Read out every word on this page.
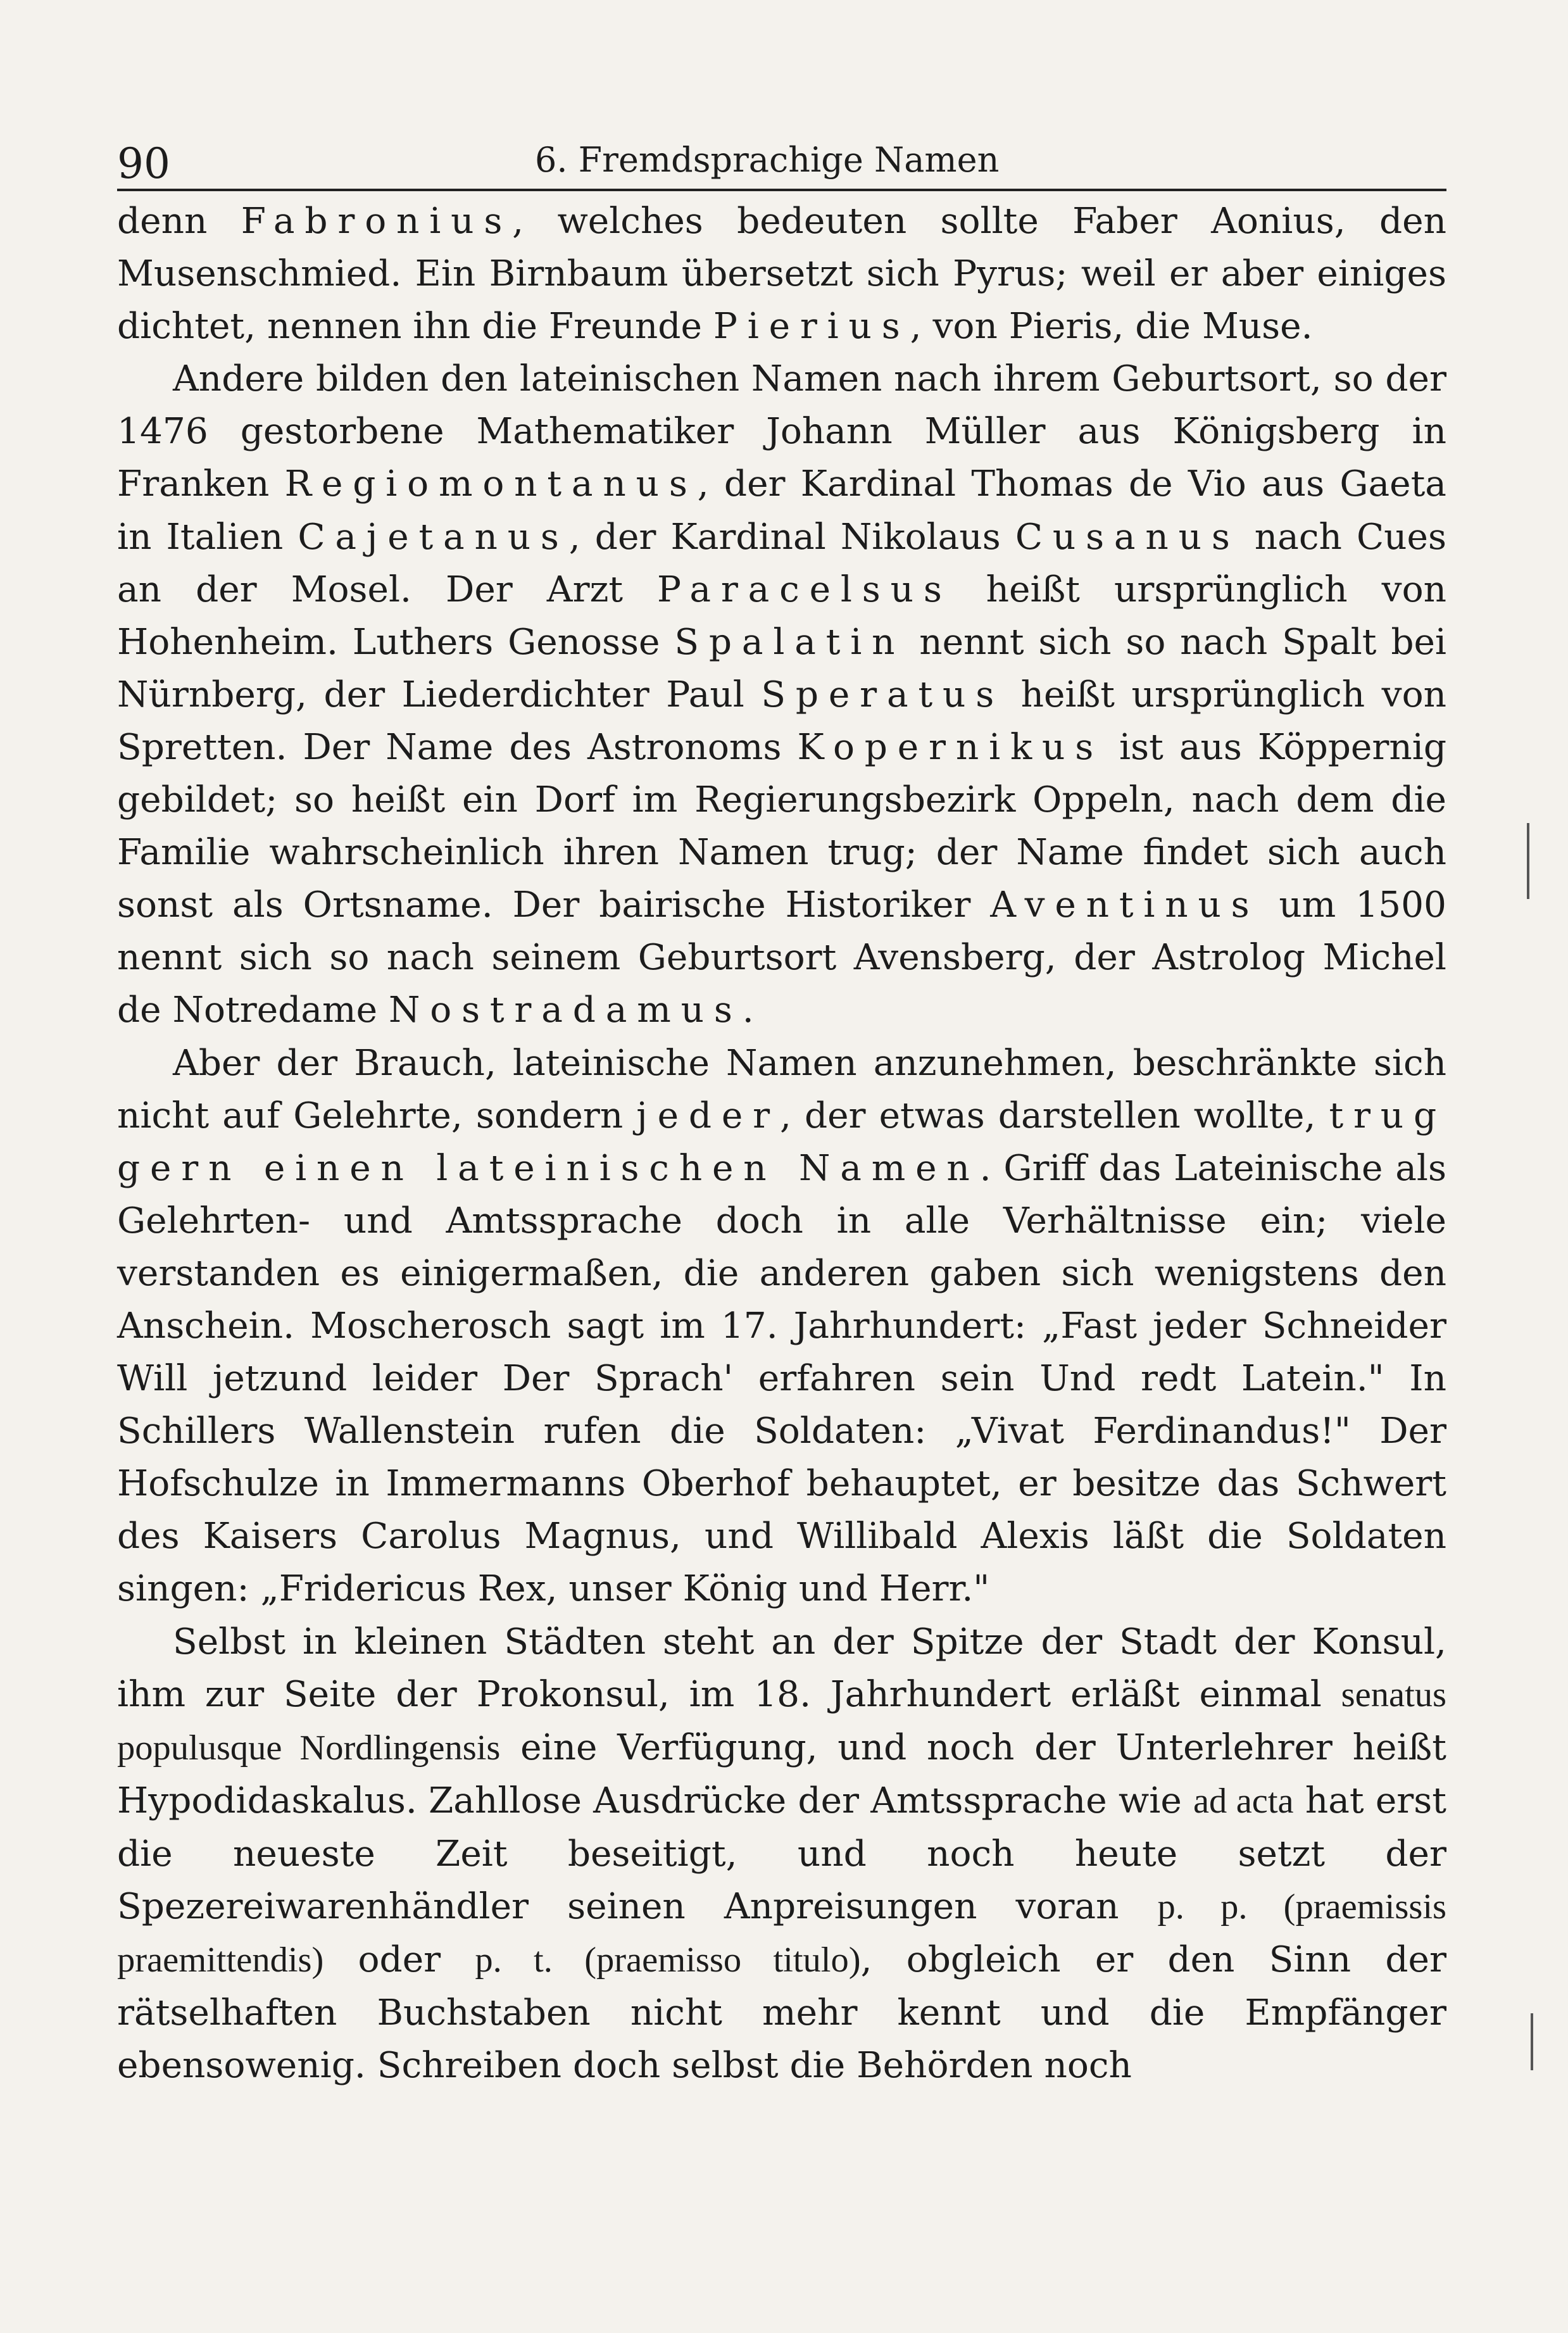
90	6. Fremdsprachige Namen

denn Fabronius, welches bedeuten sollte Faber Aonius, den Musenschmied. Ein Birnbaum übersetzt sich Pyrus; weil er aber einiges dichtet, nennen ihn die Freunde Pierius, von Pieris, die Muse.

Andere bilden den lateinischen Namen nach ihrem Geburtsort, so der 1476 gestorbene Mathematiker Johann Müller aus Königsberg in Franken Regiomontanus, der Kardinal Thomas de Vio aus Gaeta in Italien Cajetanus, der Kardinal Nikolaus Cusanus nach Cues an der Mosel. Der Arzt Paracelsus heißt ursprünglich von Hohenheim. Luthers Genosse Spalatin nennt sich so nach Spalt bei Nürnberg, der Liederdichter Paul Speratus heißt ursprünglich von Spretten. Der Name des Astronoms Kopernikus ist aus Köppernig gebildet; so heißt ein Dorf im Regierungsbezirk Oppeln, nach dem die Familie wahrscheinlich ihren Namen trug; der Name findet sich auch sonst als Ortsname. Der bairische Historiker Aventinus um 1500 nennt sich so nach seinem Geburtsort Avensberg, der Astrolog Michel de Notredame Nostradamus.

Aber der Brauch, lateinische Namen anzunehmen, beschränkte sich nicht auf Gelehrte, sondern jeder, der etwas darstellen wollte, trug gern einen lateinischen Namen. Griff das Lateinische als Gelehrten- und Amtssprache doch in alle Verhältnisse ein; viele verstanden es einigermaßen, die anderen gaben sich wenigstens den Anschein. Moscherosch sagt im 17. Jahrhundert: „Fast jeder Schneider Will jetzund leider Der Sprach' erfahren sein Und redt Latein." In Schillers Wallenstein rufen die Soldaten: „Vivat Ferdinandus!" Der Hofschulze in Immermanns Oberhof behauptet, er besitze das Schwert des Kaisers Carolus Magnus, und Willibald Alexis läßt die Soldaten singen: „Fridericus Rex, unser König und Herr."

Selbst in kleinen Städten steht an der Spitze der Stadt der Konsul, ihm zur Seite der Prokonsul, im 18. Jahrhundert erläßt einmal senatus populusque Nordlingensis eine Verfügung, und noch der Unterlehrer heißt Hypodidaskalus. Zahllose Ausdrücke der Amtssprache wie ad acta hat erst die neueste Zeit beseitigt, und noch heute setzt der Spezereiwarenhändler seinen Anpreisungen voran p. p. (praemissis praemittendis) oder p. t. (praemisso titulo), obgleich er den Sinn der rätselhaften Buchstaben nicht mehr kennt und die Empfänger ebensowenig. Schreiben doch selbst die Behörden noch
